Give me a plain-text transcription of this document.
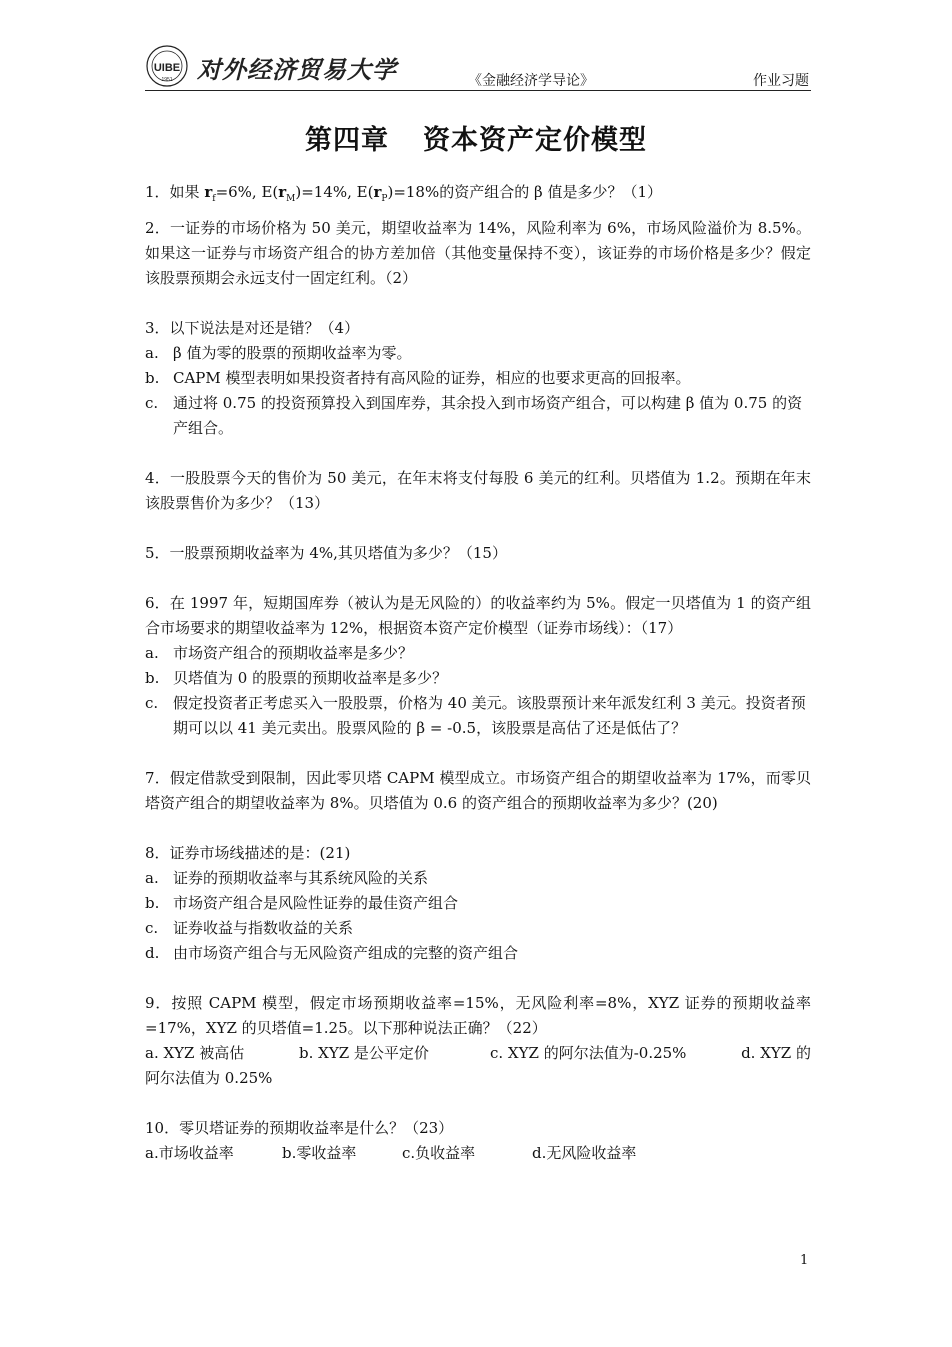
UIBE
1951 对外经济贸易大学	《金融经济学导论》	作业习题
第四章 资本资产定价模型

1．如果 $r_f=6\%$, $E(r_M)=14\%$, $E(r_P)=18\%$的资产组合的 β 值是多少？（1）

2．一证券的市场价格为 50 美元，期望收益率为 14%，风险利率为 6%，市场风险溢价为 8.5%。如果这一证券与市场资产组合的协方差加倍（其他变量保持不变），该证券的市场价格是多少？假定该股票预期会永远支付一固定红利。（2）

3．以下说法是对还是错？（4）

a. β 值为零的股票的预期收益率为零。
b. CAPM 模型表明如果投资者持有高风险的证券，相应的也要求更高的回报率。
c. 通过将 0.75 的投资预算投入到国库券，其余投入到市场资产组合，可以构建 β 值为 0.75 的资产组合。

4．一股股票今天的售价为 50 美元，在年末将支付每股 6 美元的红利。贝塔值为 1.2。预期在年末该股票售价为多少？（13）

5．一股票预期收益率为 4%,其贝塔值为多少？（15）

6．在 1997 年，短期国库券（被认为是无风险的）的收益率约为 5%。假定一贝塔值为 1 的资产组合市场要求的期望收益率为 12%，根据资本资产定价模型（证券市场线）：（17）

a. 市场资产组合的预期收益率是多少？
b. 贝塔值为 0 的股票的预期收益率是多少？
c. 假定投资者正考虑买入一股股票，价格为 40 美元。该股票预计来年派发红利 3 美元。投资者预期可以以 41 美元卖出。股票风险的 β = -0.5，该股票是高估了还是低估了？

7．假定借款受到限制，因此零贝塔 CAPM 模型成立。市场资产组合的期望收益率为 17%，而零贝塔资产组合的期望收益率为 8%。贝塔值为 0.6 的资产组合的预期收益率为多少？(20)

8．证券市场线描述的是：(21)

a. 证券的预期收益率与其系统风险的关系
b. 市场资产组合是风险性证券的最佳资产组合
c. 证券收益与指数收益的关系
d. 由市场资产组合与无风险资产组成的完整的资产组合

9．按照 CAPM 模型，假定市场预期收益率=15%，无风险利率=8%，XYZ 证券的预期收益率=17%，XYZ 的贝塔值=1.25。以下那种说法正确？（22）

a. XYZ 被高估	b. XYZ 是公平定价	c. XYZ 的阿尔法值为-0.25%	d. XYZ 的

阿尔法值为 0.25%

10．零贝塔证券的预期收益率是什么？（23）

a.市场收益率	b.零收益率	c.负收益率	d.无风险收益率
1
